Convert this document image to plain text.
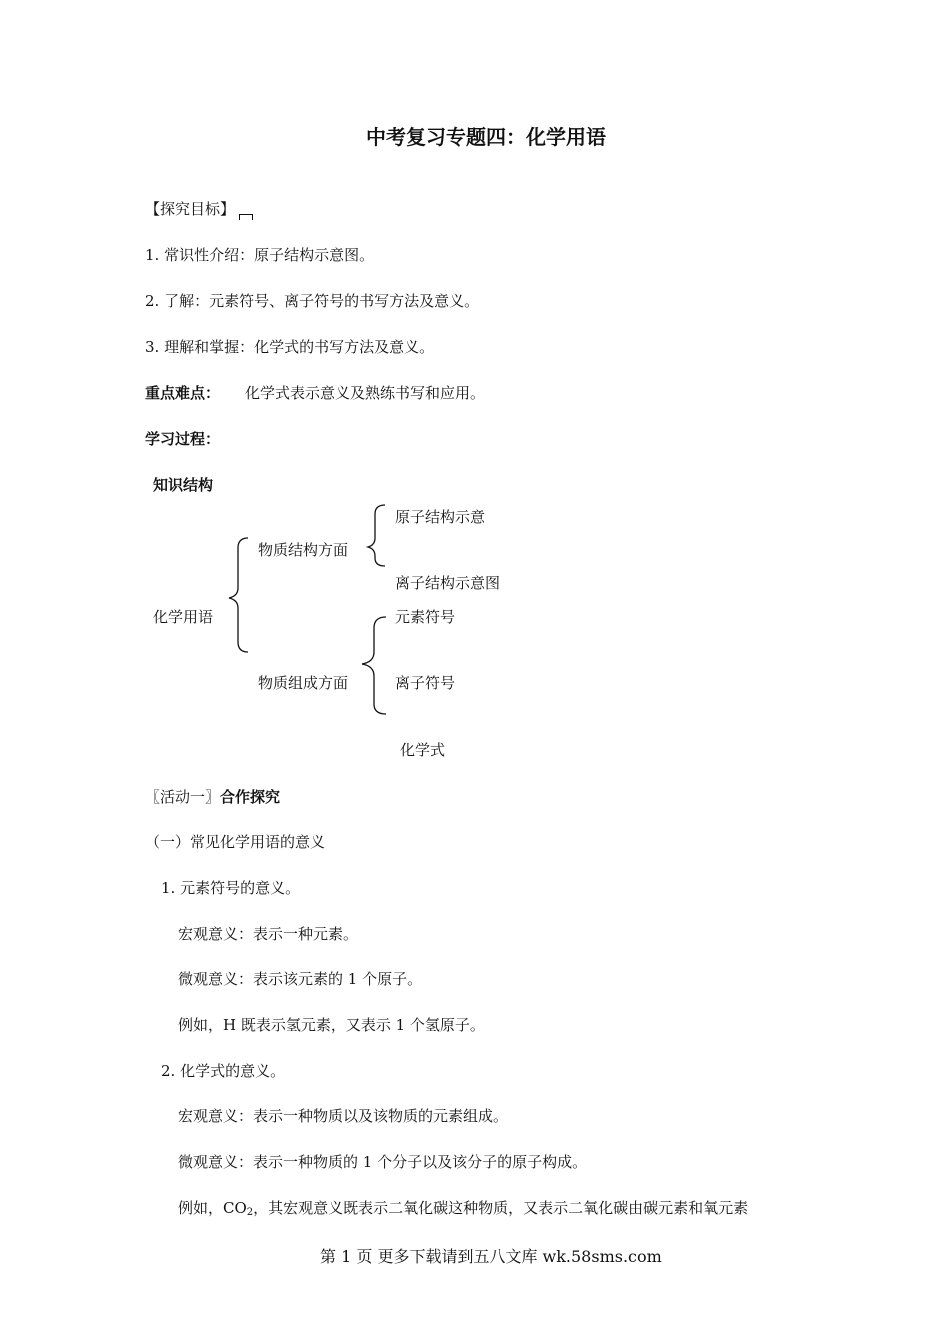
中考复习专题四：化学用语
【探究目标】
1. 常识性介绍：原子结构示意图。
2. 了解：元素符号、离子符号的书写方法及意义。
3. 理解和掌握：化学式的书写方法及意义。
重点难点： 化学式表示意义及熟练书写和应用。
学习过程：
知识结构
化学用语
物质结构方面
原子结构示意
离子结构示意图
物质组成方面
元素符号
离子符号
化学式
〖活动一〗合作探究
（一）常见化学用语的意义
1. 元素符号的意义。
宏观意义：表示一种元素。
微观意义：表示该元素的 1 个原子。
例如，H 既表示氢元素，又表示 1 个氢原子。
2. 化学式的意义。
宏观意义：表示一种物质以及该物质的元素组成。
微观意义：表示一种物质的 1 个分子以及该分子的原子构成。
例如，$CO_2$，其宏观意义既表示二氧化碳这种物质，又表示二氧化碳由碳元素和氧元素
第 1 页 更多下载请到五八文库 wk.58sms.com
